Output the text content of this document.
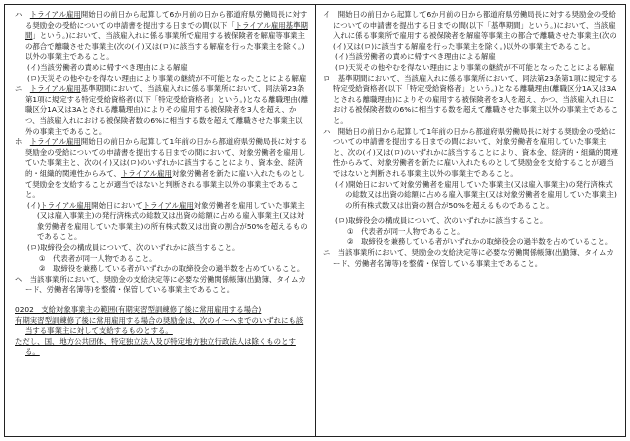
ハ　トライアル雇用開始日の前日から起算して6か月前の日から都道府県労働局長に対する奨励金の受給についての申請書を提出する日までの間(以下「トライアル雇用基準期間」という。)において、当該雇入れに係る事業所で雇用する被保険者を解雇等事業主の都合で離職させた事業主(次の(イ)又は(ロ)に該当する解雇を行った事業主を除く。)以外の事業主であること。

(イ)当該労働者の責めに帰すべき理由による解雇

(ロ)天災その他やむを得ない理由により事業の継続が不可能となったことによる解雇

ニ　トライアル雇用基準期間において、当該雇入れに係る事業所において、同法第23条第1項に規定する特定受給資格者(以下「特定受給資格者」という。)となる離職理由(離職区分1A又は3Aとされる離職理由)によりその雇用する被保険者を3人を超え、かつ、当該雇入れにおける被保険者数の6%に相当する数を超えて離職させた事業主以外の事業主であること。

ホ　トライアル雇用開始日の前日から起算して1年前の日から都道府県労働局長に対する奨励金の受給についての申請書を提出する日までの間において、対象労働者を雇用していた事業主と、次の(イ)又は(ロ)のいずれかに該当することにより、資本金、経済的・組織的関連性からみて、トライアル雇用対象労働者を新たに雇い入れたものとして奨励金を支給することが適当ではないと判断される事業主以外の事業主であること。

(イ)トライアル雇用開始日においてトライアル雇用対象労働者を雇用していた事業主(又は雇入事業主)の発行済株式の総数又は出資の総額に占める雇入事業主(又は対象労働者を雇用していた事業主)の所有株式数又は出資の割合が50%を超えるものであること。

(ロ)取締役会の構成員について、次のいずれかに該当すること。

①　代表者が同一人物であること。

②　取締役を兼務している者がいずれかの取締役会の過半数を占めていること。

ヘ　当該事業所において、奨励金の支給決定等に必要な労働関係帳簿(出勤簿、タイムカード、労働者名簿等)を整備・保管している事業主であること。

0202　支給対象事業主の範囲(有期実習型訓練修了後に常用雇用する場合)

有期実習型訓練修了後に常用雇用する場合の奨励金は、次のイ～ヘまでのいずれにも該当する事業主に対して支給するものとする。

ただし、国、地方公共団体、特定独立法人及び特定地方独立行政法人は除くものとする。

イ　開始日の前日から起算して6か月前の日から都道府県労働局長に対する奨励金の受給についての申請書を提出する日までの間(以下「基準期間」という。)において、当該雇入れに係る事業所で雇用する被保険者を解雇等事業主の都合で離職させた事業主(次の(イ)又は(ロ)に該当する解雇を行った事業主を除く。)以外の事業主であること。

(イ)当該労働者の責めに帰すべき理由による解雇

(ロ)天災その他やむを得ない理由により事業の継続が不可能となったことによる解雇

ロ　基準期間において、当該雇入れに係る事業所において、同法第23条第1項に規定する特定受給資格者(以下「特定受給資格者」という。)となる離職理由(離職区分1A又は3Aとされる離職理由)によりその雇用する被保険者を3人を超え、かつ、当該雇入れ日における被保険者数の6%に相当する数を超えて離職させた事業主以外の事業主であること。

ハ　開始日の前日から起算して1年前の日から都道府県労働局長に対する奨励金の受給についての申請書を提出する日までの間において、対象労働者を雇用していた事業主と、次の(イ)又は(ロ)のいずれかに該当することにより、資本金、経済的・組織的関連性からみて、対象労働者を新たに雇い入れたものとして奨励金を支給することが適当ではないと判断される事業主以外の事業主であること。

(イ)開始日において対象労働者を雇用していた事業主(又は雇入事業主)の発行済株式の総数又は出資の総額に占める雇入事業主(又は対象労働者を雇用していた事業主)の所有株式数又は出資の割合が50%を超えるものであること。

(ロ)取締役会の構成員について、次のいずれかに該当すること。

①　代表者が同一人物であること。

②　取締役を兼務している者がいずれかの取締役会の過半数を占めていること。

ニ　当該事業所において、奨励金の支給決定等に必要な労働関係帳簿(出勤簿、タイムカード、労働者名簿等)を整備・保管している事業主であること。
